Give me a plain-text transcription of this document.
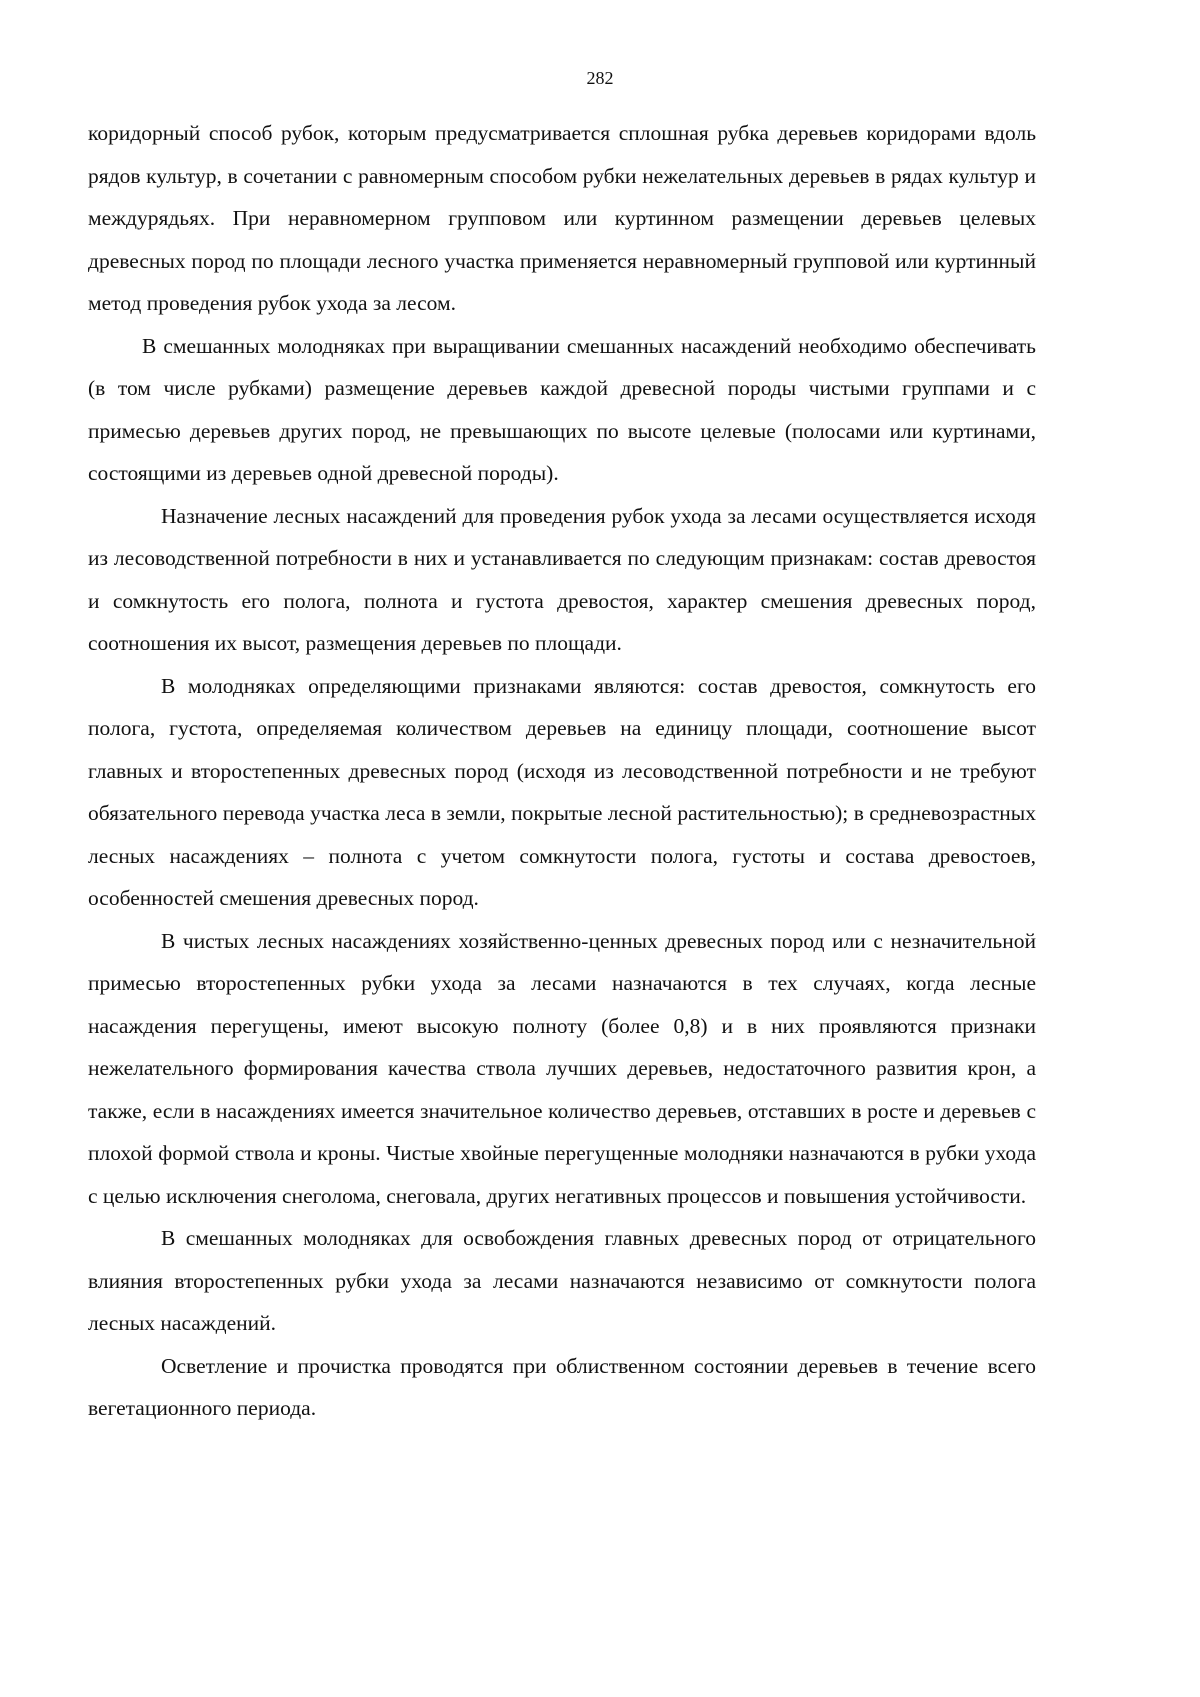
282

коридорный способ рубок, которым предусматривается сплошная рубка деревьев коридорами вдоль рядов культур, в сочетании с равномерным способом рубки нежелательных деревьев в рядах культур и междурядьях. При неравномерном групповом или куртинном размещении деревьев целевых древесных пород по площади лесного участка применяется неравномерный групповой или куртинный метод проведения рубок ухода за лесом.

В смешанных молодняках при выращивании смешанных насаждений необходимо обеспечивать (в том числе рубками) размещение деревьев каждой древесной породы чистыми группами и с примесью деревьев других пород, не превышающих по высоте целевые (полосами или куртинами, состоящими из деревьев одной древесной породы).

Назначение лесных насаждений для проведения рубок ухода за лесами осуществляется исходя из лесоводственной потребности в них и устанавливается по следующим признакам: состав древостоя и сомкнутость его полога, полнота и густота древостоя, характер смешения древесных пород, соотношения их высот, размещения деревьев по площади.

В молодняках определяющими признаками являются: состав древостоя, сомкнутость его полога, густота, определяемая количеством деревьев на единицу площади, соотношение высот главных и второстепенных древесных пород (исходя из лесоводственной потребности и не требуют обязательного перевода участка леса в земли, покрытые лесной растительностью); в средневозрастных лесных насаждениях – полнота с учетом сомкнутости полога, густоты и состава древостоев, особенностей смешения древесных пород.

В чистых лесных насаждениях хозяйственно-ценных древесных пород или с незначительной примесью второстепенных рубки ухода за лесами назначаются в тех случаях, когда лесные насаждения перегущены, имеют высокую полноту (более 0,8) и в них проявляются признаки нежелательного формирования качества ствола лучших деревьев, недостаточного развития крон, а также, если в насаждениях имеется значительное количество деревьев, отставших в росте и деревьев с плохой формой ствола и кроны. Чистые хвойные перегущенные молодняки назначаются в рубки ухода с целью исключения снеголома, снеговала, других негативных процессов и повышения устойчивости.

В смешанных молодняках для освобождения главных древесных пород от отрицательного влияния второстепенных рубки ухода за лесами назначаются независимо от сомкнутости полога лесных насаждений.

Осветление и прочистка проводятся при облиственном состоянии деревьев в течение всего вегетационного периода.
